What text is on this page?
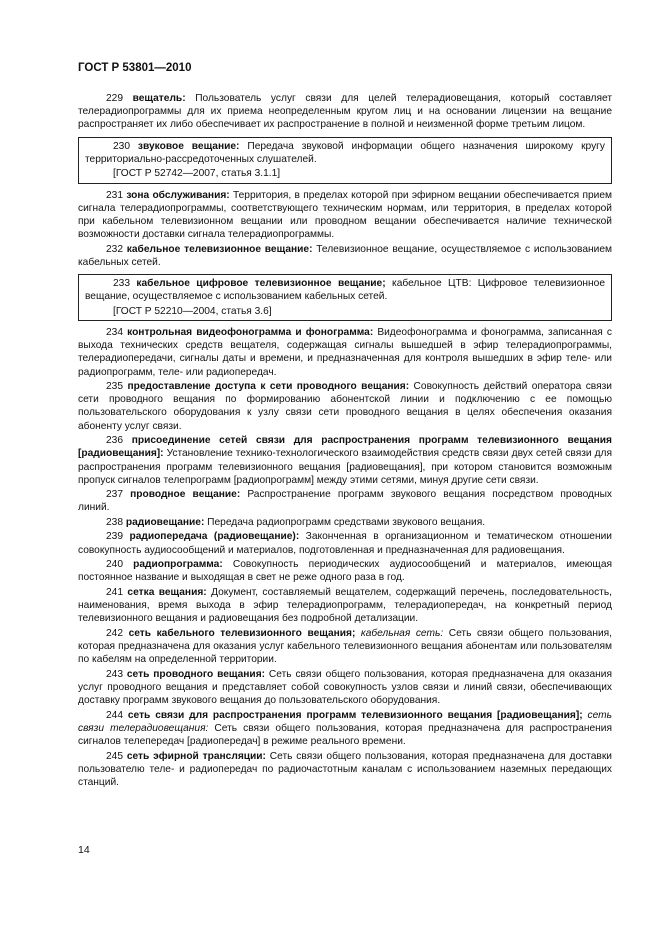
ГОСТ Р 53801—2010

229 вещатель: Пользователь услуг связи для целей телерадиовещания, который составляет телерадиопрограммы для их приема неопределенным кругом лиц и на основании лицензии на вещание распространяет их либо обеспечивает их распространение в полной и неизменной форме третьим лицом.

230 звуковое вещание: Передача звуковой информации общего назначения широкому кругу территориально-рассредоточенных слушателей.

[ГОСТ Р 52742—2007, статья 3.1.1]

231 зона обслуживания: Территория, в пределах которой при эфирном вещании обеспечивается прием сигнала телерадиопрограммы, соответствующего техническим нормам, или территория, в пределах которой при кабельном телевизионном вещании или проводном вещании обеспечивается наличие технической возможности доставки сигнала телерадиопрограммы.

232 кабельное телевизионное вещание: Телевизионное вещание, осуществляемое с использованием кабельных сетей.

233 кабельное цифровое телевизионное вещание; кабельное ЦТВ: Цифровое телевизионное вещание, осуществляемое с использованием кабельных сетей.

[ГОСТ Р 52210—2004, статья 3.6]

234 контрольная видеофонограмма и фонограмма: Видеофонограмма и фонограмма, записанная с выхода технических средств вещателя, содержащая сигналы вышедшей в эфир телерадиопрограммы, телерадиопередачи, сигналы даты и времени, и предназначенная для контроля вышедших в эфир теле- или радиопрограмм, теле- или радиопередач.

235 предоставление доступа к сети проводного вещания: Совокупность действий оператора связи сети проводного вещания по формированию абонентской линии и подключению с ее помощью пользовательского оборудования к узлу связи сети проводного вещания в целях обеспечения оказания абоненту услуг связи.

236 присоединение сетей связи для распространения программ телевизионного вещания [радиовещания]: Установление технико-технологического взаимодействия средств связи двух сетей связи для распространения программ телевизионного вещания [радиовещания], при котором становится возможным пропуск сигналов телепрограмм [радиопрограмм] между этими сетями, минуя другие сети связи.

237 проводное вещание: Распространение программ звукового вещания посредством проводных линий.

238 радиовещание: Передача радиопрограмм средствами звукового вещания.

239 радиопередача (радиовещание): Законченная в организационном и тематическом отношении совокупность аудиосообщений и материалов, подготовленная и предназначенная для радиовещания.

240 радиопрограмма: Совокупность периодических аудиосообщений и материалов, имеющая постоянное название и выходящая в свет не реже одного раза в год.

241 сетка вещания: Документ, составляемый вещателем, содержащий перечень, последовательность, наименования, время выхода в эфир телерадиопрограмм, телерадиопередач, на конкретный период телевизионного вещания и радиовещания без подробной детализации.

242 сеть кабельного телевизионного вещания; кабельная сеть: Сеть связи общего пользования, которая предназначена для оказания услуг кабельного телевизионного вещания абонентам или пользователям по кабелям на определенной территории.

243 сеть проводного вещания: Сеть связи общего пользования, которая предназначена для оказания услуг проводного вещания и представляет собой совокупность узлов связи и линий связи, обеспечивающих доставку программ звукового вещания до пользовательского оборудования.

244 сеть связи для распространения программ телевизионного вещания [радиовещания]; сеть связи телерадиовещания: Сеть связи общего пользования, которая предназначена для распространения сигналов телепередач [радиопередач] в режиме реального времени.

245 сеть эфирной трансляции: Сеть связи общего пользования, которая предназначена для доставки пользователю теле- и радиопередач по радиочастотным каналам с использованием наземных передающих станций.

14
